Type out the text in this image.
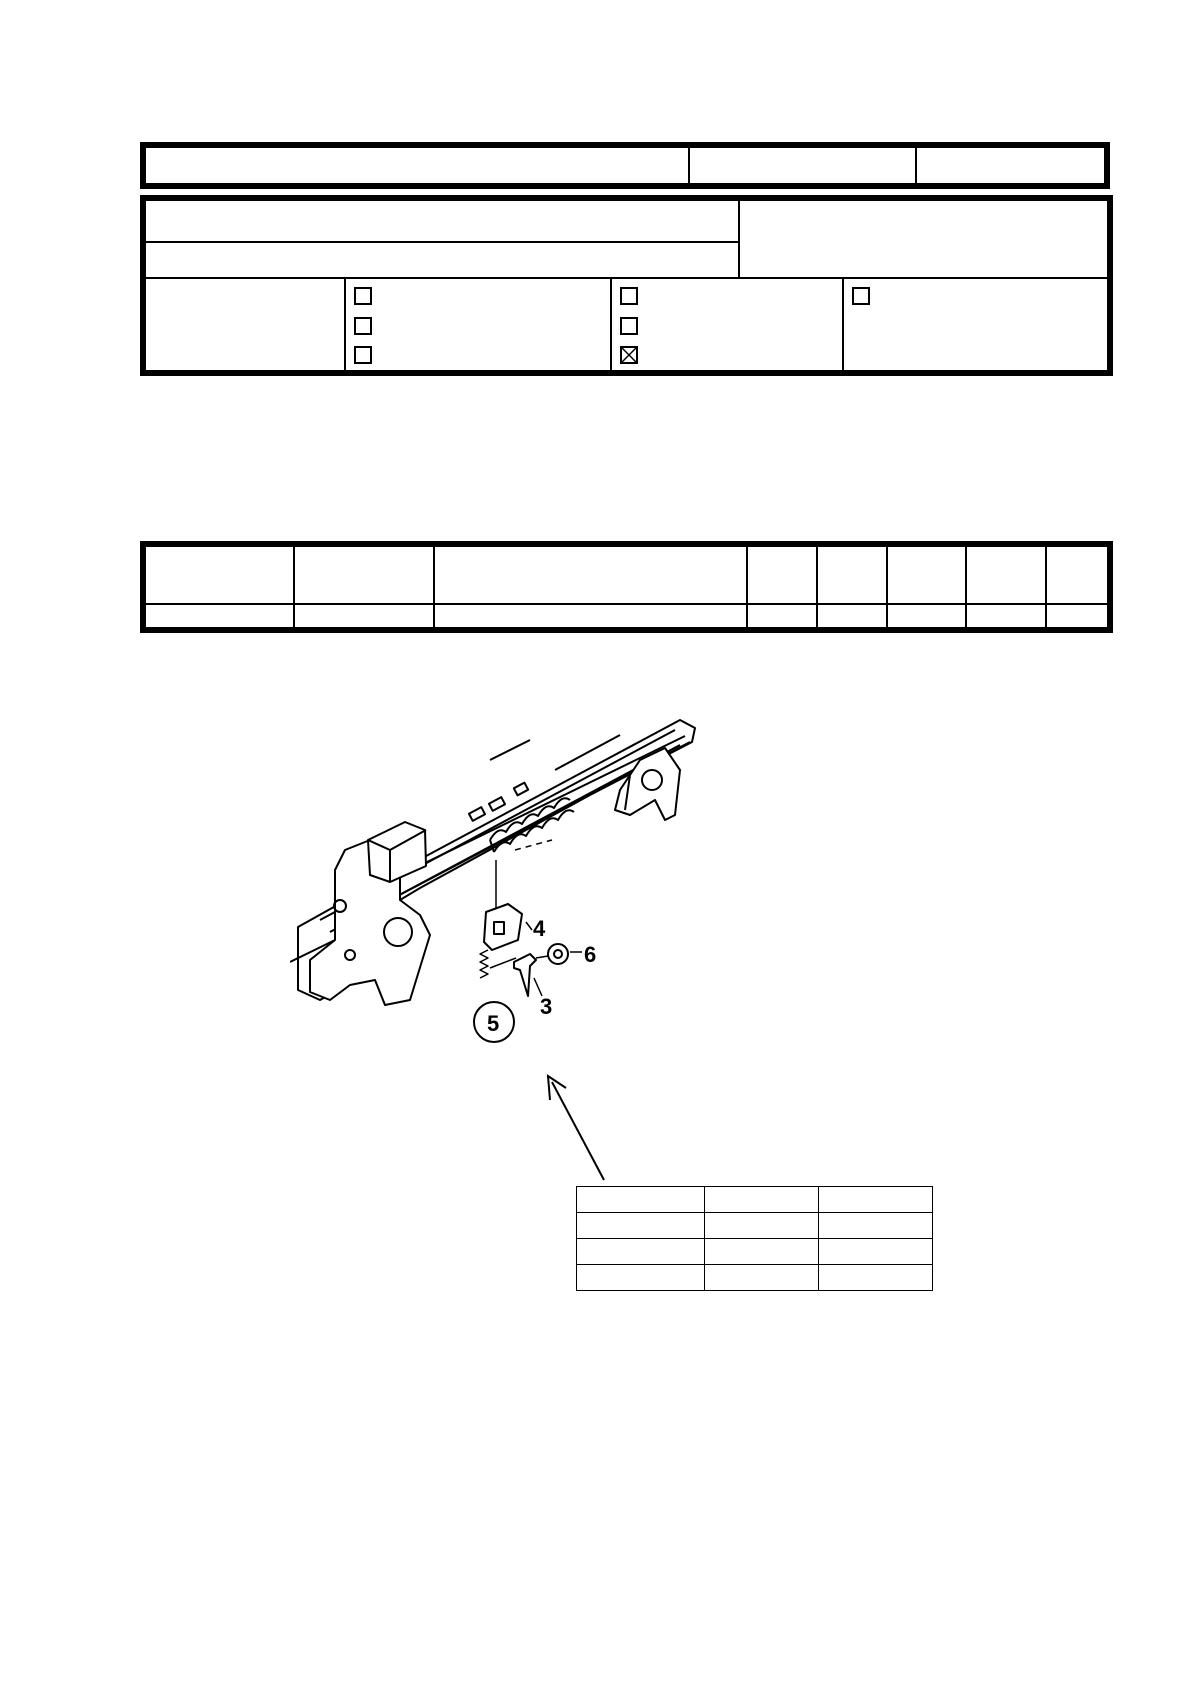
4
6
3
5
